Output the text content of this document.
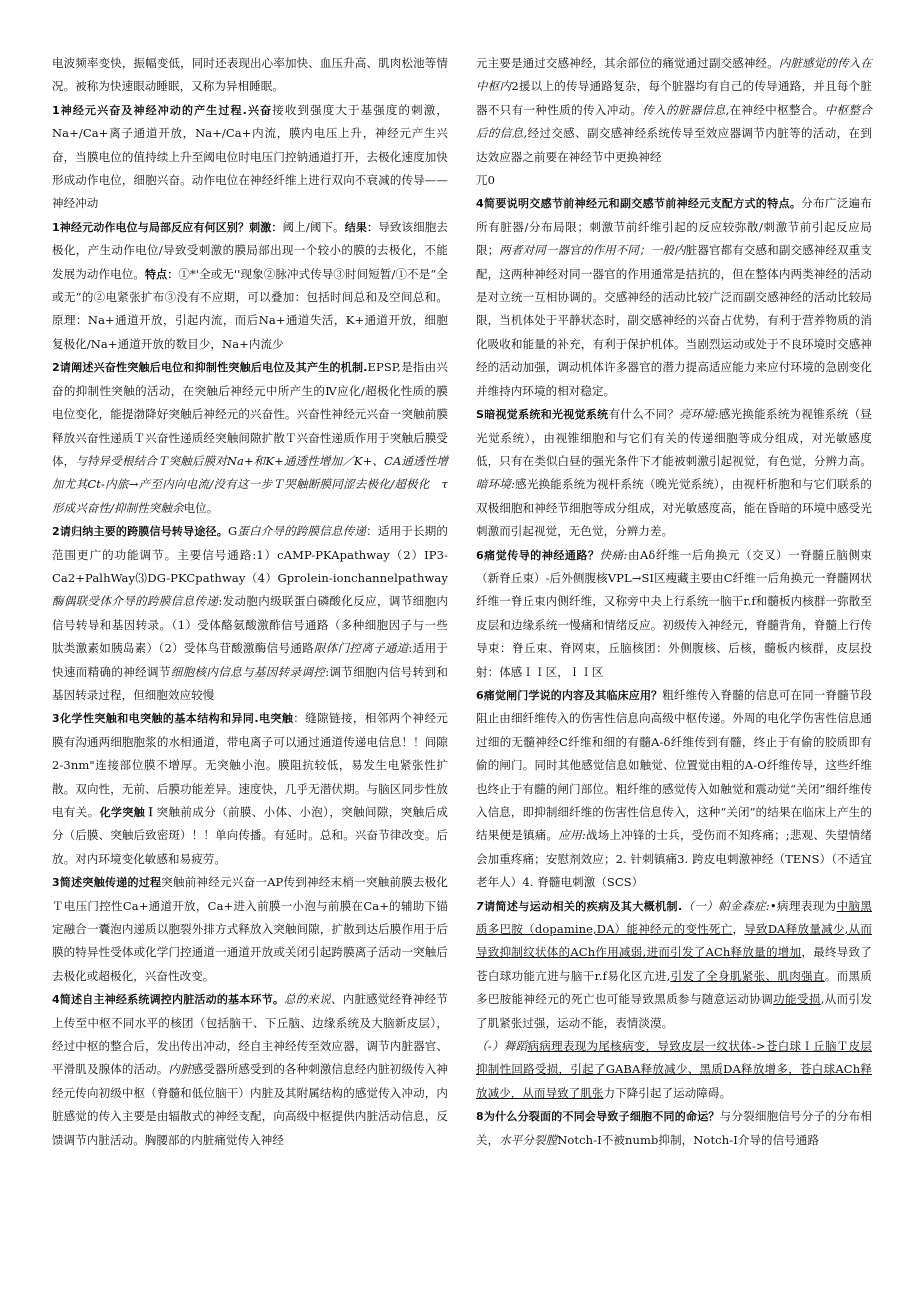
电波频率变快，振幅变低，同时还表现出心率加快、血压升高、肌肉松池等情况。被称为快速眼动睡眠，又称为异相睡眠。

1神经元兴奋及神经冲动的产生过程.兴奋接收到强度大于基强度的刺激，Na+/Ca+离子通道开放，Na+/Ca+内流，膜内电压上升，神经元产生兴奋，当膜电位的值持续上升至阈电位时电压门控钠通道打开，去极化速度加快形成动作电位，细胞兴奋。动作电位在神经纤维上进行双向不衰减的传导——神经冲动

1神经元动作电位与局部反应有何区别？刺激：阈上/阈下。结果：导致该细胞去极化，产生动作电位/导致受刺激的膜局部出现一个较小的膜的去极化，不能发展为动作电位。特点：①*'全或无''现象②脉冲式传导③时间短暂/①不是“全或无”的②电紧张扩布③没有不应期，可以叠加：包括时间总和及空间总和。原理：Na+通道开放，引起内流，而后Na+通道失活，K+通道开放，细胞复极化/Na+通道开放的数目少，Na+内流少

2请阐述兴奋性突触后电位和抑制性突触后电位及其产生的机制.EPSP,是指由兴奋的抑制性突触的活动，在突触后神经元中所产生的Ⅳ应化/超极化性质的膜电位变化，能提渤降好突触后神经元的兴奋性。兴奋性神经元兴奋一突触前膜释放兴奋性递质Ｔ兴奋性递质经突触间隙扩散Ｔ兴奋性递质作用于突触后膜受体，与特异受根结合Ｔ突触后膜对Na+和K+通透性增加／K+、CA通透性增加尤其Ct-内旅→产至内向电流/没有这一步Ｔ哭触断膜同涩去极化/超极化　τ 形成兴奋性/抑制性突触余电位。

2请归纳主要的跨膜信号转导途径。G蛋白介导的跨膜信息传递：适用于长期的范围更广的功能调节。主要信号通路:1）cAMP-PKApathway（2）IP3-Ca2+PalhWay⑶DG-PKCpathway（4）Gprolein-ionchannelpathway酶偶联受体介导的跨膜信息传递:发动胞内级联蛋白磷酸化反应，调节细胞内信号转导和基因转录。（1）受体酪氨酸激酢信号通路（多种细胞因子与一些肽类激素如胰岛素）（2）受体鸟苷酸激酶信号通路限体门控离子通道:适用于快速而精确的神经调节细胞核内信息与基因转录调控:调节细胞内信号转到和基因转录过程，但细胞效应较慢

3化学性突触和电突触的基本结构和异同.电突触：缝隙链接，相邻两个神经元膜有沟通两细胞胞浆的水相通道，带电离子可以通过通道传递电信息！！间隙2-3nm"连接部位膜不增厚。无突触小泡。膜阻抗较低，易发生电紧张性扩散。双向性，无前、后膜功能差异。速度快，几乎无潜伏期。与脑区同步性放电有关。化学突触Ｉ突触前成分（前膜、小体、小泡），突触间隙，突触后成分（后膜、突触后致密斑）！！单向传播。有延时。总和。兴奋节律改变。后放。对内环境变化敏感和易疲劳。

3简述突触传递的过程突触前神经元兴奋一AP传到神经末梢一突触前膜去极化Ｔ电压门控性Ca+通道开放，Ca+进入前膜一小泡与前膜在Ca+的辅助下锚定融合一囊泡内递质以胞裂外排方式释放入突触间隙，扩散到达后膜作用于后膜的特异性受体或化学门控通道一通道开放或关闭引起跨膜离子活动一突触后去极化或超极化，兴奋性改变。

4简述自主神经系统调控内脏活动的基本环节。总的来说、内脏感觉经脊神经节上传至中枢不同水平的核团（包括脑干、下丘脑、边缘系统及大脑新皮层），经过中枢的整合后，发出传出冲动，经自主神经传至效应器，调节内脏器官、平滑肌及腺体的活动。内脏感受器所感受到的各种刺激信息经内脏初级传入神经元传向初级中枢（脊髓和低位脑干）内脏及其附属结构的感觉传入冲动，内脏感觉的传入主要是由辐散式的神经支配，向高级中枢提供内脏活动信息，反馈调节内脏活动。胸腰部的内脏痛觉传入神经

元主要是通过交感神经，其余部位的痛觉通过副交感神经。内脏感觉的传入在中枢内2援以上的传导通路复杂，每个脏器均有自己的传导通路，并且每个脏器不只有一种性质的传入冲动。传入的脏器信息,在神经中枢整合。中枢整合后的信息,经过交感、副交感神经系统传导至效应器调节内脏等的活动，在到达效应器之前要在神经节中更换神经

兀0

4简要说明交感节前神经元和副交感节前神经元支配方式的特点。分布广泛遍布所有脏器/分布局限；刺激节前纤维引起的反应较弥散/刺激节前引起反应局限；两者对同一器官的作用不同；一般内脏器官都有交感和副交感神经双重支配，这两种神经对同一器官的作用通常是拮抗的，但在整体内两类神经的活动是对立统一互相协调的。交感神经的活动比较广泛而副交感神经的活动比较局限，当机体处于平静状态时，副交感神经的兴奋占优势，有利于营养物质的消化吸收和能量的补充，有利于保护机体。当剧烈运动或处于不良环境时交感神经的活动加强，调动机体许多器官的潜力提高适应能力来应付环境的急剧变化并维持内环境的相对稳定。

S暗视觉系统和光视觉系统有什么不同？亮环境:感光换能系统为视锥系统（昼光觉系统），由视锥细胞和与它们有关的传递细胞等成分组成，对光敏感度低，只有在类似白昼的强光条件下才能被刺激引起视觉，有色觉，分辨力高。暗环境:感光换能系统为视杆系统（晚光觉系统），由视杆析胞和与它们联系的双极细胞和神经节细胞等成分组成，对光敏感度高，能在昏暗的环境中感受光刺激而引起视觉，无色觉，分辨力差。

6痛觉传导的神经通路？快痛:由Aδ纤维一后角换元（交叉）一脊髓丘脑侧束（新脊丘束）-后外侧腹核VPL→SI区瘦藏主要由C纤维一后角换元一脊髓网状纤维一脊丘束内侧纤维，又称旁中夬上行系统一脑干r.f和髓板内核群一弥散至皮层和边缘系统一慢痛和情绪反应。初级传入神经元，脊髓背角，脊髓上行传导束：脊丘束、脊网束，丘脑核团：外侧腹核、后核，髓板内核群，皮层投射：体感ＩＩ区，ＩＩ区

6痛觉闸门学说的内容及其临床应用？粗纤维传入脊髓的信息可在同一脊髓节段阻止由细纤维传入的伤害性信息向高级中枢传递。外周的电化学伤害性信息通过细的无髓神经C纤维和细的有髓A-δ纤维传到有髓，终止于有偷的胶质即有偷的闸门。同时其他感觉信息如触觉、位置觉由粗的A-O纤维传导，这些纤维也终止于有髓的闸门部位。粗纤维的感觉传入如触觉和震动觉“关闭”细纤维传入信息，即抑制细纤维的伤害性信息传入，这种“关闭”的结果在临床上产生的结果便是镇痛。应用:战场上冲锋的士兵，受伤而不知疼痛；;悲观、失望情绪会加重疼痛；安慰剂效应；2. 针刺镇痛3. 跨皮电刺激神经（TENS）（不适宜老年人）4. 脊髓电刺激（SCS）

7请简述与运动相关的疾病及其大概机制.（一）帕金森症:•病理表现为中脑黑质多巴胺（dopamine,DA）能神经元的变性死亡，导致DA释放量减少,从而导致抑制纹状体的ACh作用减弱,进而引发了ACh释放量的增加，最终导致了苍白球功能亢进与脑干r.f易化区亢进,引发了全身肌紧张、肌肉强直。而黑质多巴胺能神经元的死亡也可能导致黑质参与随意运动协调功能受损,从而引发了肌紧张过强，运动不能，表情淡漠。

（-）舞蹈病病理表现为尾核病变，导致皮层一纹状体->苍白球Ｉ丘脑Ｔ皮层抑制性回路受损，引起了GABA释放减少、黑质DA释放增多，苍白球ACh释放减少，从而导致了肌张力下降引起了运动障碍。

8为什么分裂面的不同会导致子细胞不同的命运？与分裂细胞信号分子的分布相关，水平分裂膛Notch-I不被numb抑制，Notch-I介导的信号通路
